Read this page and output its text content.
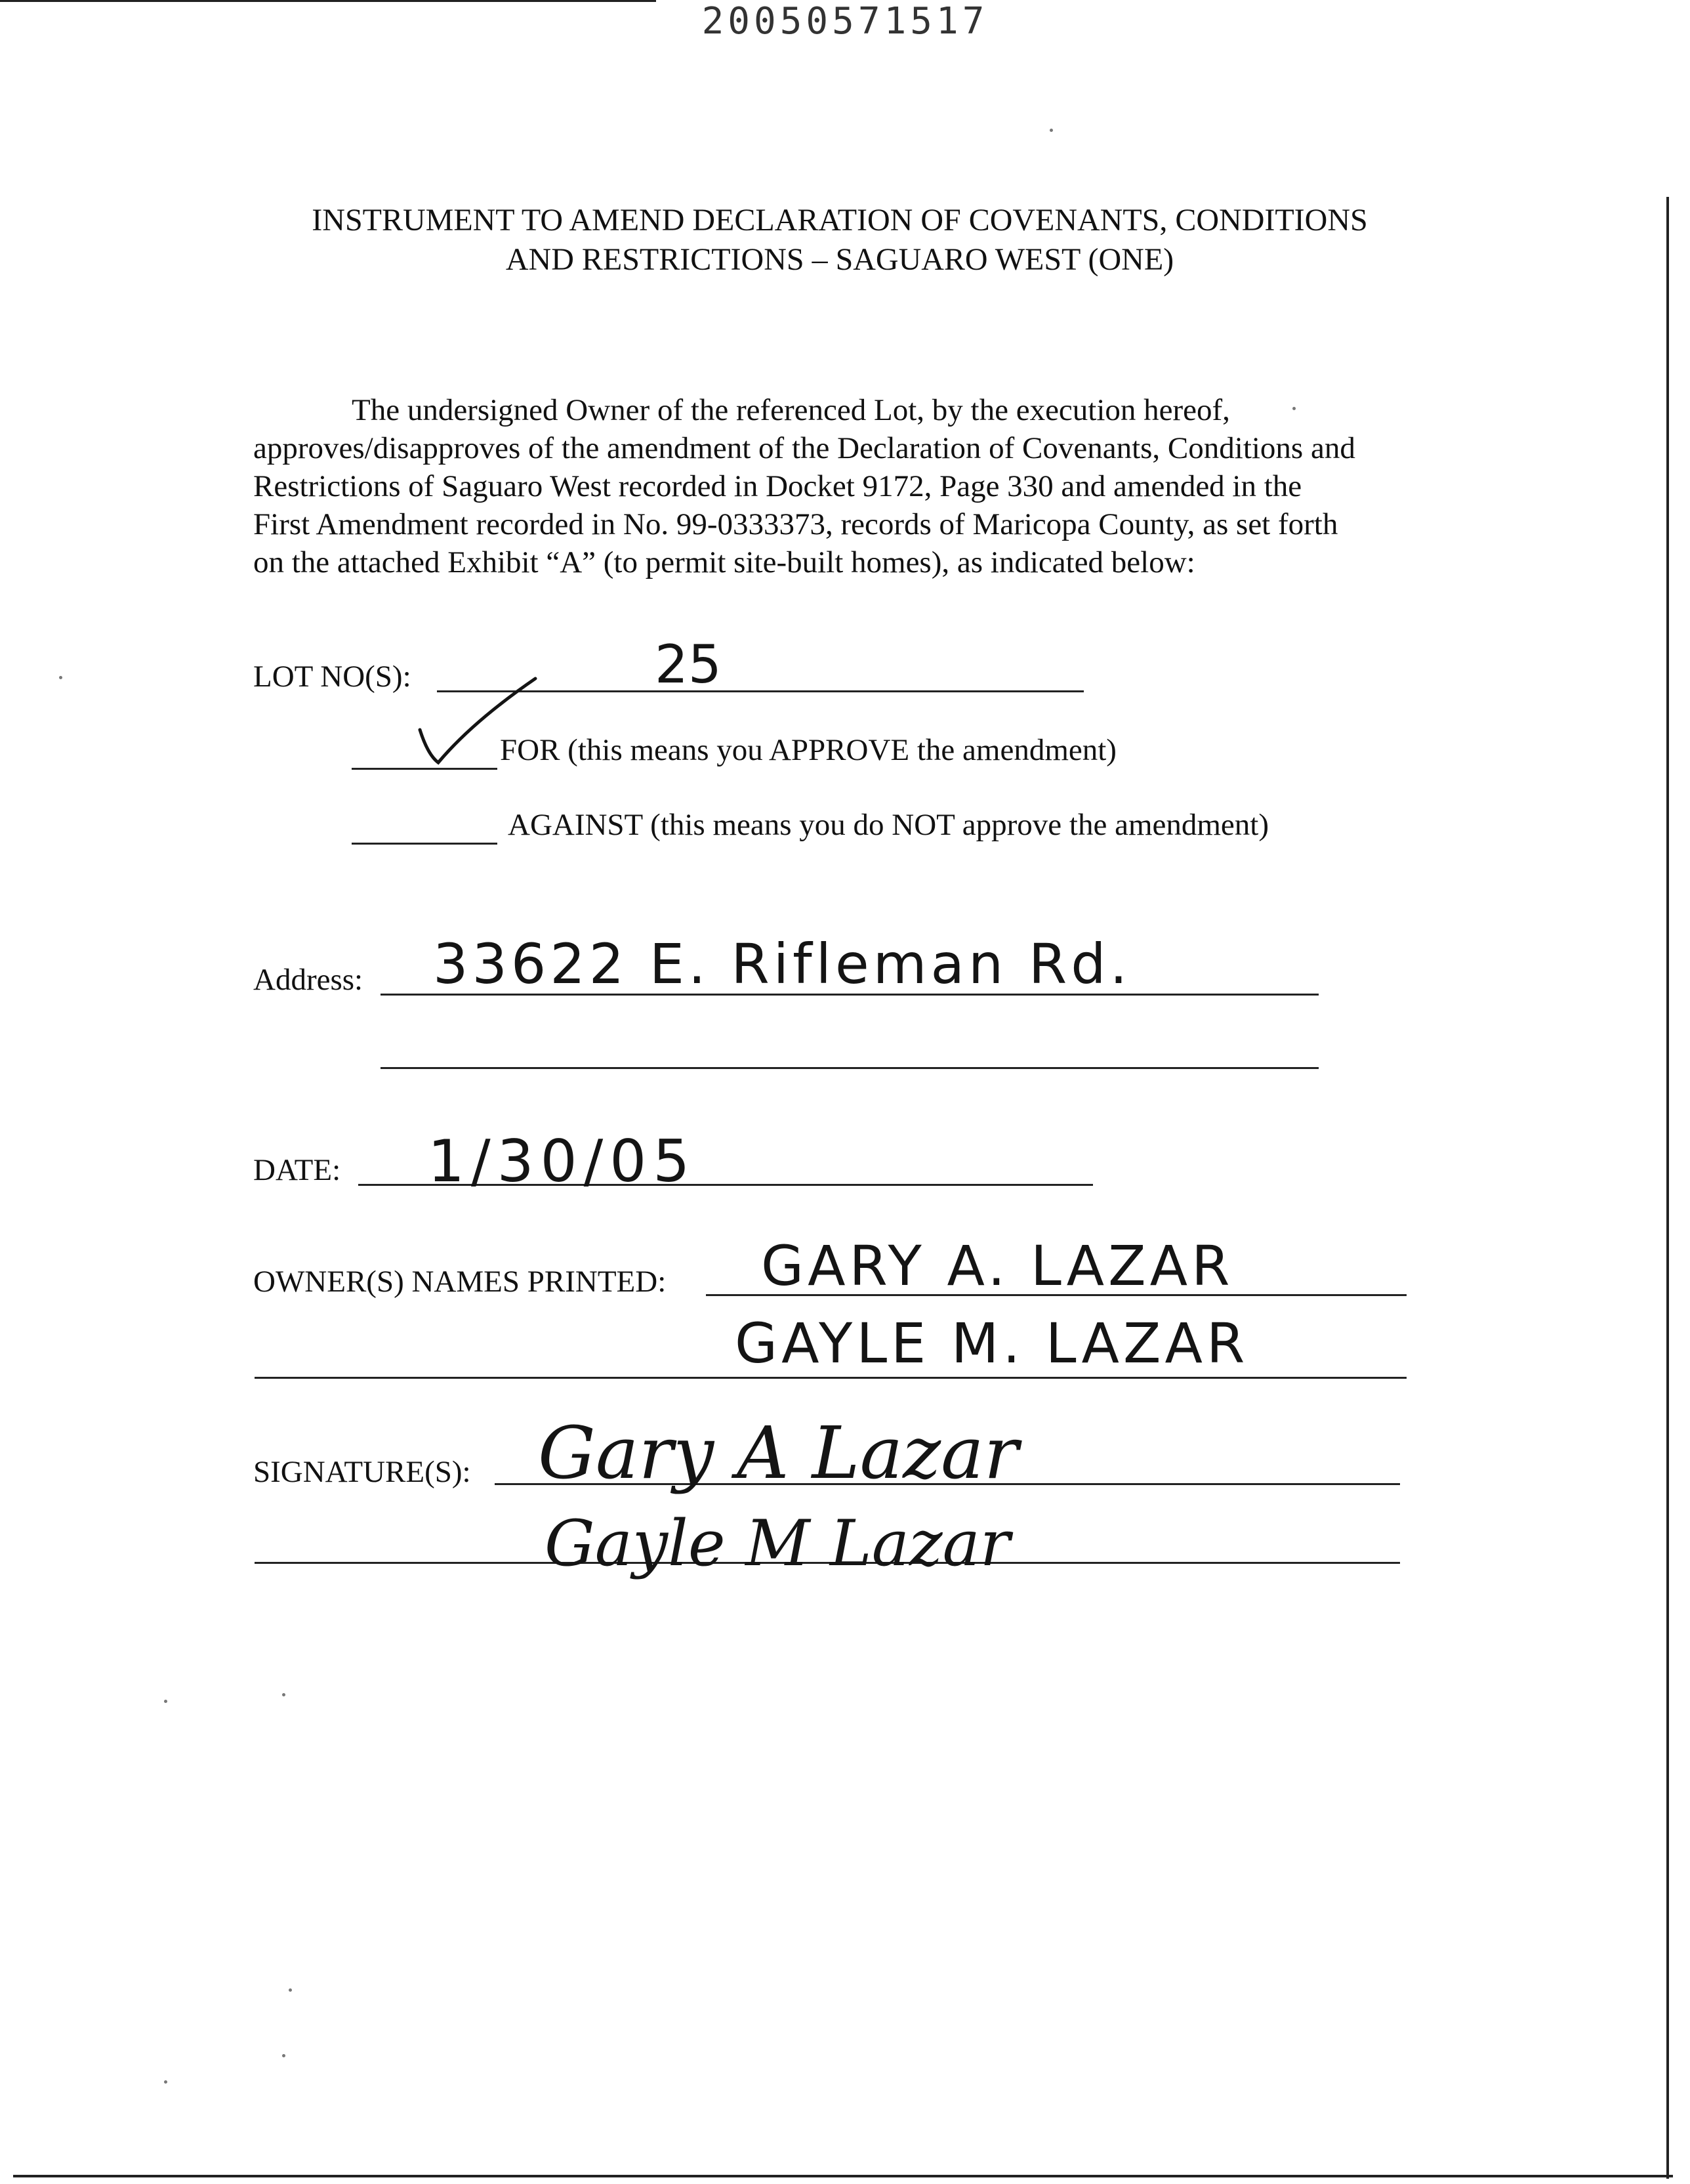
20050571517
INSTRUMENT TO AMEND DECLARATION OF COVENANTS, CONDITIONS
AND RESTRICTIONS – SAGUARO WEST (ONE)
The undersigned Owner of the referenced Lot, by the execution hereof,
approves/disapproves of the amendment of the Declaration of Covenants, Conditions and
Restrictions of Saguaro West recorded in Docket 9172, Page 330 and amended in the
First Amendment recorded in No. 99-0333373, records of Maricopa County, as set forth
on the attached Exhibit “A” (to permit site-built homes), as indicated below:
LOT NO(S):	25
FOR (this means you APPROVE the amendment)
AGAINST (this means you do NOT approve the amendment)
Address: 33622 E. Rifleman Rd.
DATE: 1/30/05
OWNER(S) NAMES PRINTED: GARY A. LAZAR
GAYLE M. LAZAR
SIGNATURE(S): Gary A Lazar
Gayle M Lazar
